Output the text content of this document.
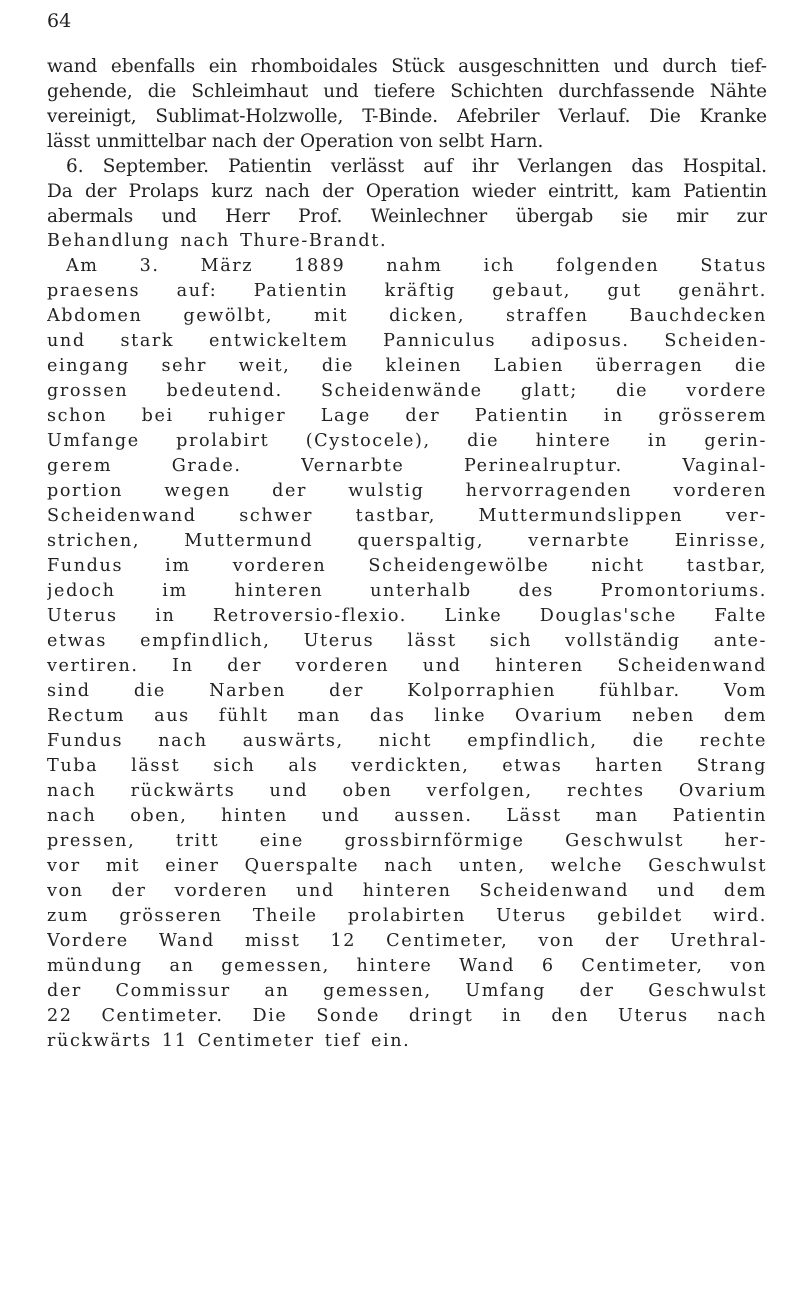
64
wand ebenfalls ein rhomboidales Stück ausgeschnitten und durch tief-
gehende, die Schleimhaut und tiefere Schichten durchfassende Nähte
vereinigt, Sublimat-Holzwolle, T-Binde. Afebriler Verlauf. Die Kranke
lässt unmittelbar nach der Operation von selbt Harn.
6. September. Patientin verlässt auf ihr Verlangen das Hospital.
Da der Prolaps kurz nach der Operation wieder eintritt, kam Patientin
abermals und Herr Prof. Weinlechner übergab sie mir zur
Behandlung nach Thure-Brandt.
Am 3. März 1889 nahm ich folgenden Status
praesens auf: Patientin kräftig gebaut, gut genährt.
Abdomen gewölbt, mit dicken, straffen Bauchdecken
und stark entwickeltem Panniculus adiposus. Scheiden-
eingang sehr weit, die kleinen Labien überragen die
grossen bedeutend. Scheidenwände glatt; die vordere
schon bei ruhiger Lage der Patientin in grösserem
Umfange prolabirt (Cystocele), die hintere in gerin-
gerem Grade. Vernarbte Perinealruptur. Vaginal-
portion wegen der wulstig hervorragenden vorderen
Scheidenwand schwer tastbar, Muttermundslippen ver-
strichen, Muttermund querspaltig, vernarbte Einrisse,
Fundus im vorderen Scheidengewölbe nicht tastbar,
jedoch im hinteren unterhalb des Promontoriums.
Uterus in Retroversio-flexio. Linke Douglas'sche Falte
etwas empfindlich, Uterus lässt sich vollständig ante-
vertiren. In der vorderen und hinteren Scheidenwand
sind die Narben der Kolporraphien fühlbar. Vom
Rectum aus fühlt man das linke Ovarium neben dem
Fundus nach auswärts, nicht empfindlich, die rechte
Tuba lässt sich als verdickten, etwas harten Strang
nach rückwärts und oben verfolgen, rechtes Ovarium
nach oben, hinten und aussen. Lässt man Patientin
pressen, tritt eine grossbirnförmige Geschwulst her-
vor mit einer Querspalte nach unten, welche Geschwulst
von der vorderen und hinteren Scheidenwand und dem
zum grösseren Theile prolabirten Uterus gebildet wird.
Vordere Wand misst 12 Centimeter, von der Urethral-
mündung an gemessen, hintere Wand 6 Centimeter, von
der Commissur an gemessen, Umfang der Geschwulst
22 Centimeter. Die Sonde dringt in den Uterus nach
rückwärts 11 Centimeter tief ein.
